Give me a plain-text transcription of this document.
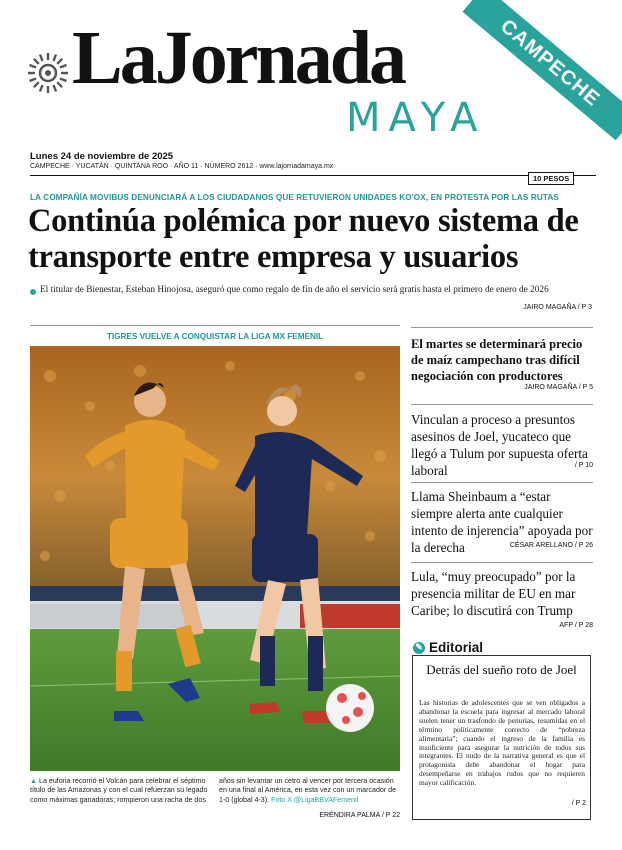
LaJornada
MAYA
CAMPECHE
Lunes 24 de noviembre de 2025
CAMPECHE · YUCATÁN · QUINTANA ROO · AÑO 11 · NÚMERO 2612 · www.lajornadamaya.mx
10 PESOS
LA COMPAÑÍA MOVIBUS DENUNCIARÁ A LOS CIUDADANOS QUE RETUVIERON UNIDADES KO'OX, EN PROTESTA POR LAS RUTAS
Continúa polémica por nuevo sistema de transporte entre empresa y usuarios
El titular de Bienestar, Esteban Hinojosa, aseguró que como regalo de fin de año el servicio será gratis hasta el primero de enero de 2026
JAIRO MAGAÑA / P 3
TIGRES VUELVE A CONQUISTAR LA LIGA MX FEMENIL
▲ La euforia recorrió el Volcán para celebrar el séptimo título de las Amazonas y con el cual refuerzan su legado como máximas ganadoras; rompieron una racha de dos años sin levantar un cetro al vencer por tercera ocasión en una final al América, en esta vez con un marcador de 1-0 (global 4-3). Foto X @LigaBBVAFemenil
ERÉNDIRA PALMA / P 22
El martes se determinará precio de maíz campechano tras difícil negociación con productores
JAIRO MAGAÑA / P 5
Vinculan a proceso a presuntos asesinos de Joel, yucateco que llegó a Tulum por supuesta oferta laboral	/ P 10
Llama Sheinbaum a “estar siempre alerta ante cualquier intento de injerencia” apoyada por la derecha	CÉSAR ARELLANO / P 26
Lula, “muy preocupado” por la presencia militar de EU en mar Caribe; lo discutirá con Trump
AFP / P 28
✎ Editorial
Detrás del sueño roto de Joel
Las historias de adolescentes que se ven obligados a abandonar la escuela para ingresar al mercado laboral suelen tener un trasfondo de penurias, resumidas en el término políticamente correcto de “pobreza alimentaria”; cuando el ingreso de la familia es insuficiente para asegurar la nutrición de todos sus integrantes. El nudo de la narrativa general es que el protagonista debe abandonar el hogar para desempeñarse en trabajos rudos que no requieren mayor calificación.
/ P 2
